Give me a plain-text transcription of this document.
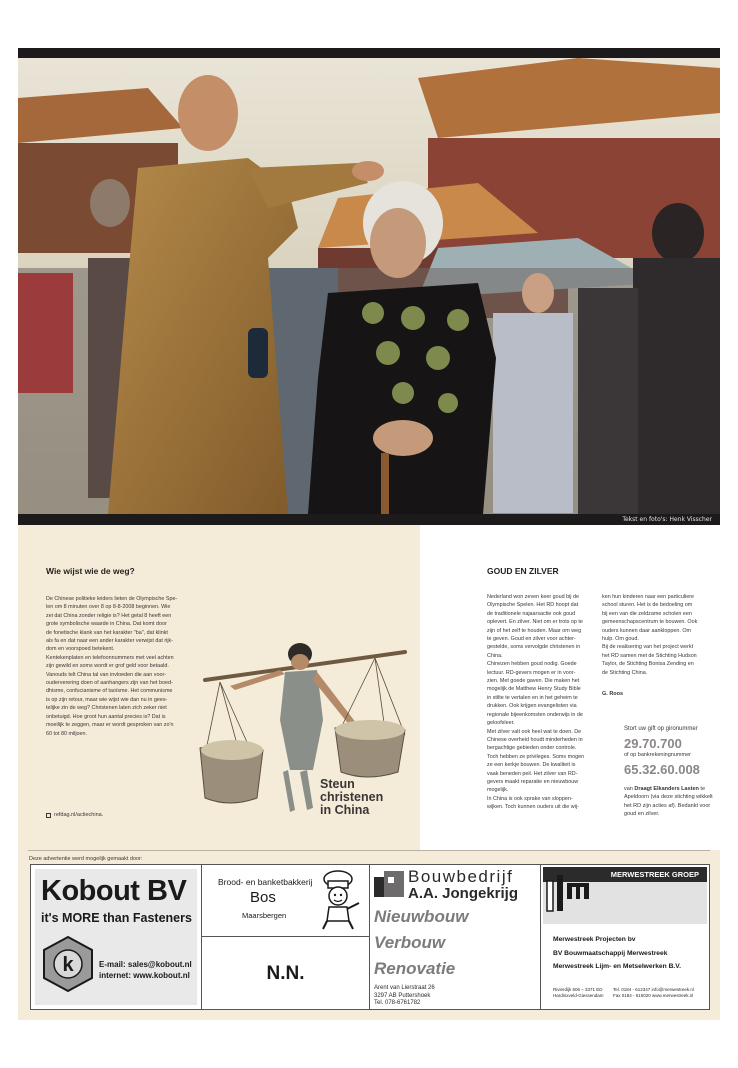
Tekst en foto's: Henk Visscher
Wie wijst wie de weg?
De Chinese politieke leiders lieten de Olympische Spe-
len om 8 minuten over 8 op 8-8-2008 beginnen. Wie
zei dat China zonder religie is? Het getal 8 heeft een
grote symbolische waarde in China. Dat komt door
de fonetische klank van het karakter "ba", dat klinkt
als fa en dat naar een ander karakter verwijst dat rijk-
dom en voorspoed betekent.
Kentekenplaten en telefoonnummers met veel achten
zijn gewild en soms wordt er grof geld voor betaald.
Vanouds telt China tal van invloeden die aan voor-
ouderverering doen of aanhangers zijn van het boed-
dhisme, confucianisme of taoïsme. Het communisme
is op zijn retour, maar wie wijst wie dan nu in gees-
telijke zin de weg? Christenen laten zich zeker niet
onbetuigd. Hoe groot hun aantal precies is? Dat is
moeilijk te zeggen, maar er wordt gesproken van zo'n
60 tot 80 miljoen.
Steun
christenen
in China
refdag.nl/actiechina.
GOUD EN ZILVER
Nederland won zeven keer goud bij de
Olympische Spelen. Het RD hoopt dat
de traditionele najaarsactie ook goud
oplevert. En zilver. Niet om er trots op te
zijn of het zelf te houden. Maar om weg
te geven. Goud en zilver voor achter-
gestelde, soms vervolgde christenen in
China.
Chinezen hebben goud nodig. Goede
lectuur. RD-gevers mogen er in voor-
zien. Met goede gaven. Die maken het
mogelijk de Matthew Henry Study Bible
in stilte te vertalen en in het geheim te
drukken. Ook krijgen evangelisten via
regionale bijeenkomsten onderwijs in de
geloofsleer.
Met zilver valt ook heel wat te doen. De
Chinese overheid houdt minderheden in
bergachtige gebieden onder controle.
Toch hebben ze privileges. Soms mogen
ze een kerkje bouwen. De kwaliteit is
vaak beneden peil. Het zilver van RD-
gevers maakt reparatie en nieuwbouw
mogelijk.
In China is ook sprake van sloppen-
wijken. Toch kunnen ouders uit die wij-
ken hun kinderen naar een particuliere
school sturen. Het is de bedoeling om
bij een van die zeldzame scholen een
gemeenschapscentrum te bouwen. Ook
ouders kunnen daar aankloppen. Om
hulp. Om goud.
Bij de realisering van het project werkt
het RD samen met de Stichting Hudson
Taylor, de Stichting Bonisa Zending en
de Stichting China.
G. Roos
Stort uw gift op gironummer
29.70.700
of op bankrekeningnummer
65.32.60.008
van Draagt Elkanders Lasten te Apeldoorn (via deze stichting wikkelt het RD zijn acties af). Bedankt voor goud en zilver.
Deze advertentie werd mogelijk gemaakt door:
Kobout BV
it's MORE than Fasteners
k	E-mail: sales@kobout.nl
internet: www.kobout.nl
Brood- en banketbakkerij
Bos
Maarsbergen
N.N.
Bouwbedrijf
A.A. Jongekrijg
Nieuwbouw
Verbouw
Renovatie
Arent van Lierstraat 26
3297 AB Puttershoek
Tel. 078-6761782
MERWESTREEK GROEP
Merwestreek Projecten bv
BV Bouwmaatschappij Merwestreek
Merwestreek Lijm- en Metselwerken B.V.
Rivierdijk 606 – 3371 ED
Hardinxveld-Giessendam
Tel. 0184 - 612347 info@merwestreek.nl
Fax 0184 - 615020 www.merwestreek.nl
